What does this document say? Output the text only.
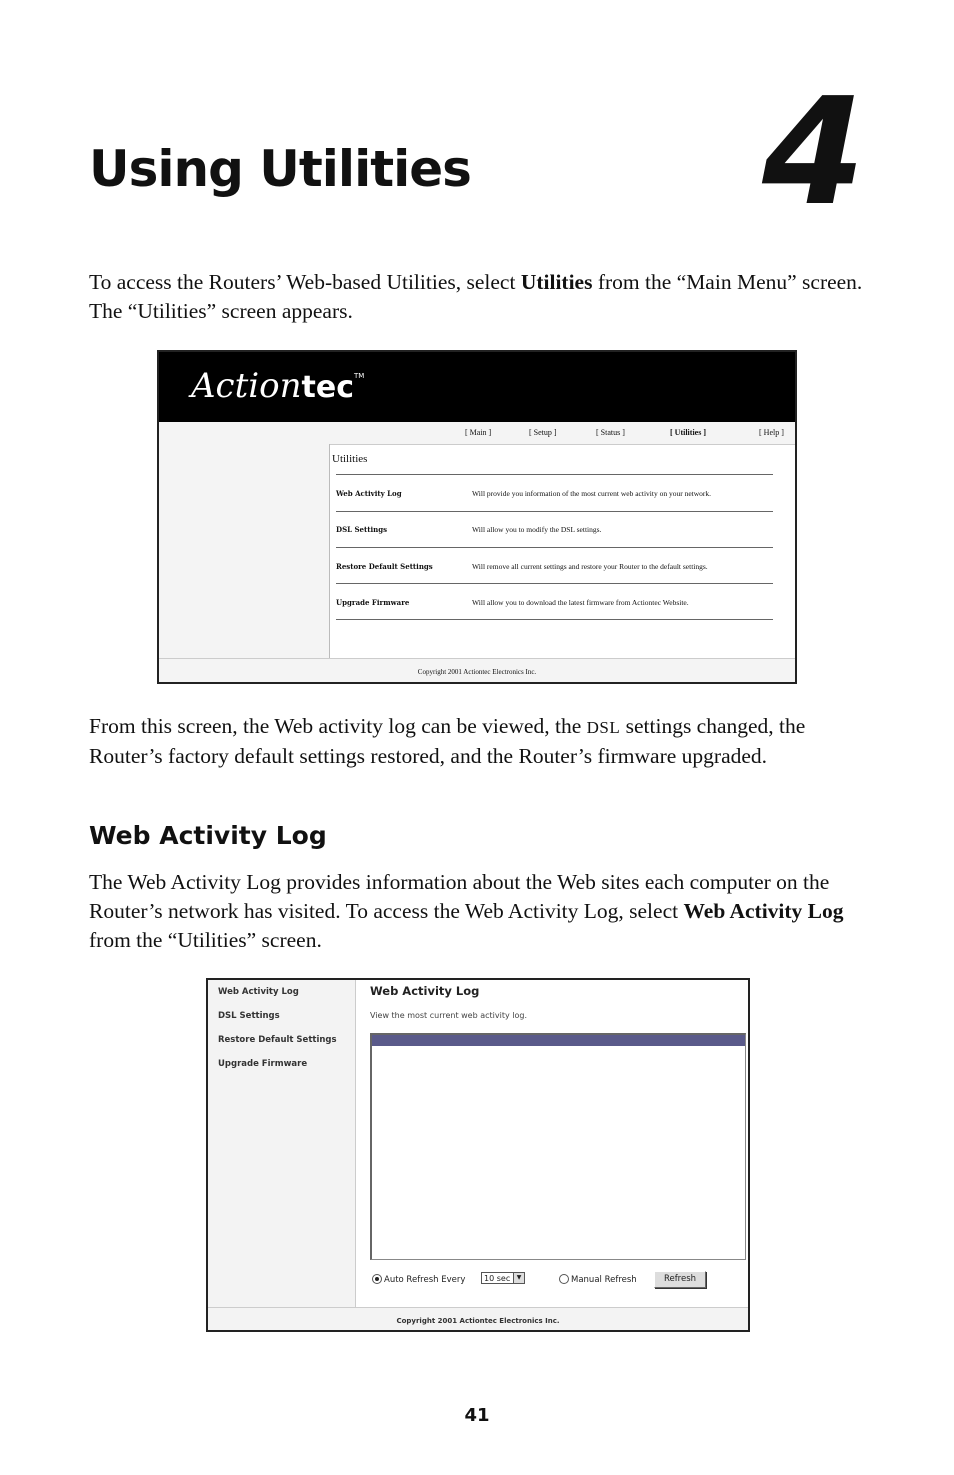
Using Utilities 4

To access the Routers’ Web-based Utilities, select Utilities from the “Main Menu” screen. The “Utilities” screen appears.

Actiontec™
[ Main ]	[ Setup ]	[ Status ]	[ Utilities ]	[ Help ]
Utilities
Web Activity Log	Will provide you information of the most current web activity on your network.
DSL Settings	Will allow you to modify the DSL settings.
Restore Default Settings	Will remove all current settings and restore your Router to the default settings.
Upgrade Firmware	Will allow you to download the latest firmware from Actiontec Website.
Copyright 2001 Actiontec Electronics Inc.

From this screen, the Web activity log can be viewed, the DSL settings changed, the Router’s factory default settings restored, and the Router’s firmware upgraded.

Web Activity Log

The Web Activity Log provides information about the Web sites each computer on the Router’s network has visited. To access the Web Activity Log, select Web Activity Log from the “Utilities” screen.

Web Activity Log
DSL Settings
Restore Default Settings
Upgrade Firmware
Web Activity Log
View the most current web activity log.
Auto Refresh Every	10 sec	▼	Manual Refresh	Refresh
Copyright 2001 Actiontec Electronics Inc.
41
